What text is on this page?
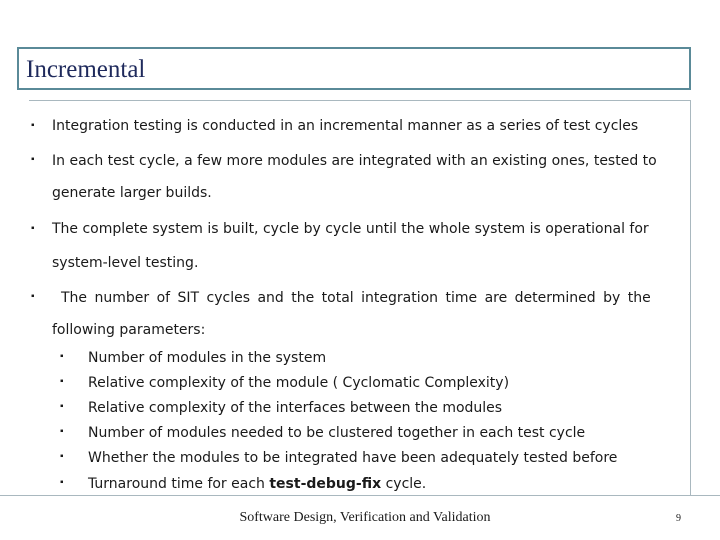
Incremental
▪ Integration testing is conducted in an incremental manner as a series of test cycles
▪ In each test cycle, a few more modules are integrated with an existing ones, tested to
generate larger builds.
▪ The complete system is built, cycle by cycle until the whole system is operational for
system-level testing.
▪ The number of SIT cycles and the total integration time are determined by the
following parameters:
▪ Number of modules in the system
▪ Relative complexity of the module ( Cyclomatic Complexity)
▪ Relative complexity of the interfaces between the modules
▪ Number of modules needed to be clustered together in each test cycle
▪ Whether the modules to be integrated have been adequately tested before
▪ Turnaround time for each test-debug-fix cycle.
Software Design, Verification and Validation	9
